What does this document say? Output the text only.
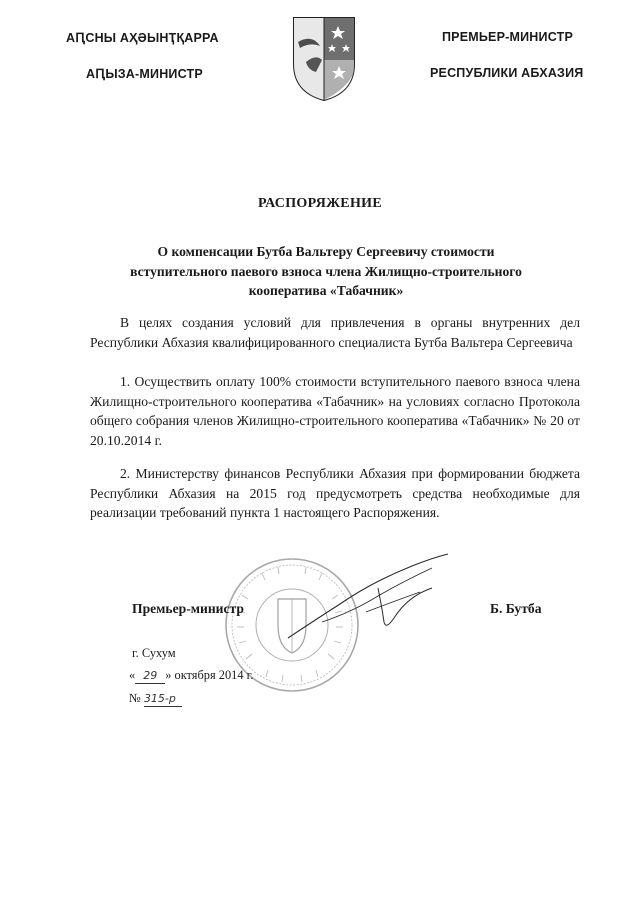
АԤСНЫ АҲӘЫНҬҚАРРА
АԤЫЗА-МИНИСТР
ПРЕМЬЕР-МИНИСТР
РЕСПУБЛИКИ АБХАЗИЯ
РАСПОРЯЖЕНИЕ
О компенсации Бутба Вальтеру Сергеевичу стоимости
вступительного паевого взноса члена Жилищно-строительного
кооператива «Табачник»

В целях создания условий для привлечения в органы внутренних дел Республики Абхазия квалифицированного специалиста Бутба Вальтера Сергеевича

1. Осуществить оплату 100% стоимости вступительного паевого взноса члена Жилищно-строительного кооператива «Табачник» на условиях согласно Протокола общего собрания членов Жилищно-строительного кооператива «Табачник» № 20 от 20.10.2014 г.

2. Министерству финансов Республики Абхазия при формировании бюджета Республики Абхазия на 2015 год предусмотреть средства необходимые для реализации требований пункта 1 настоящего Распоряжения.

Премьер-министр	Б. Бутба
г. Сухум
« 29 » октября 2014 г.
№ 315-р
